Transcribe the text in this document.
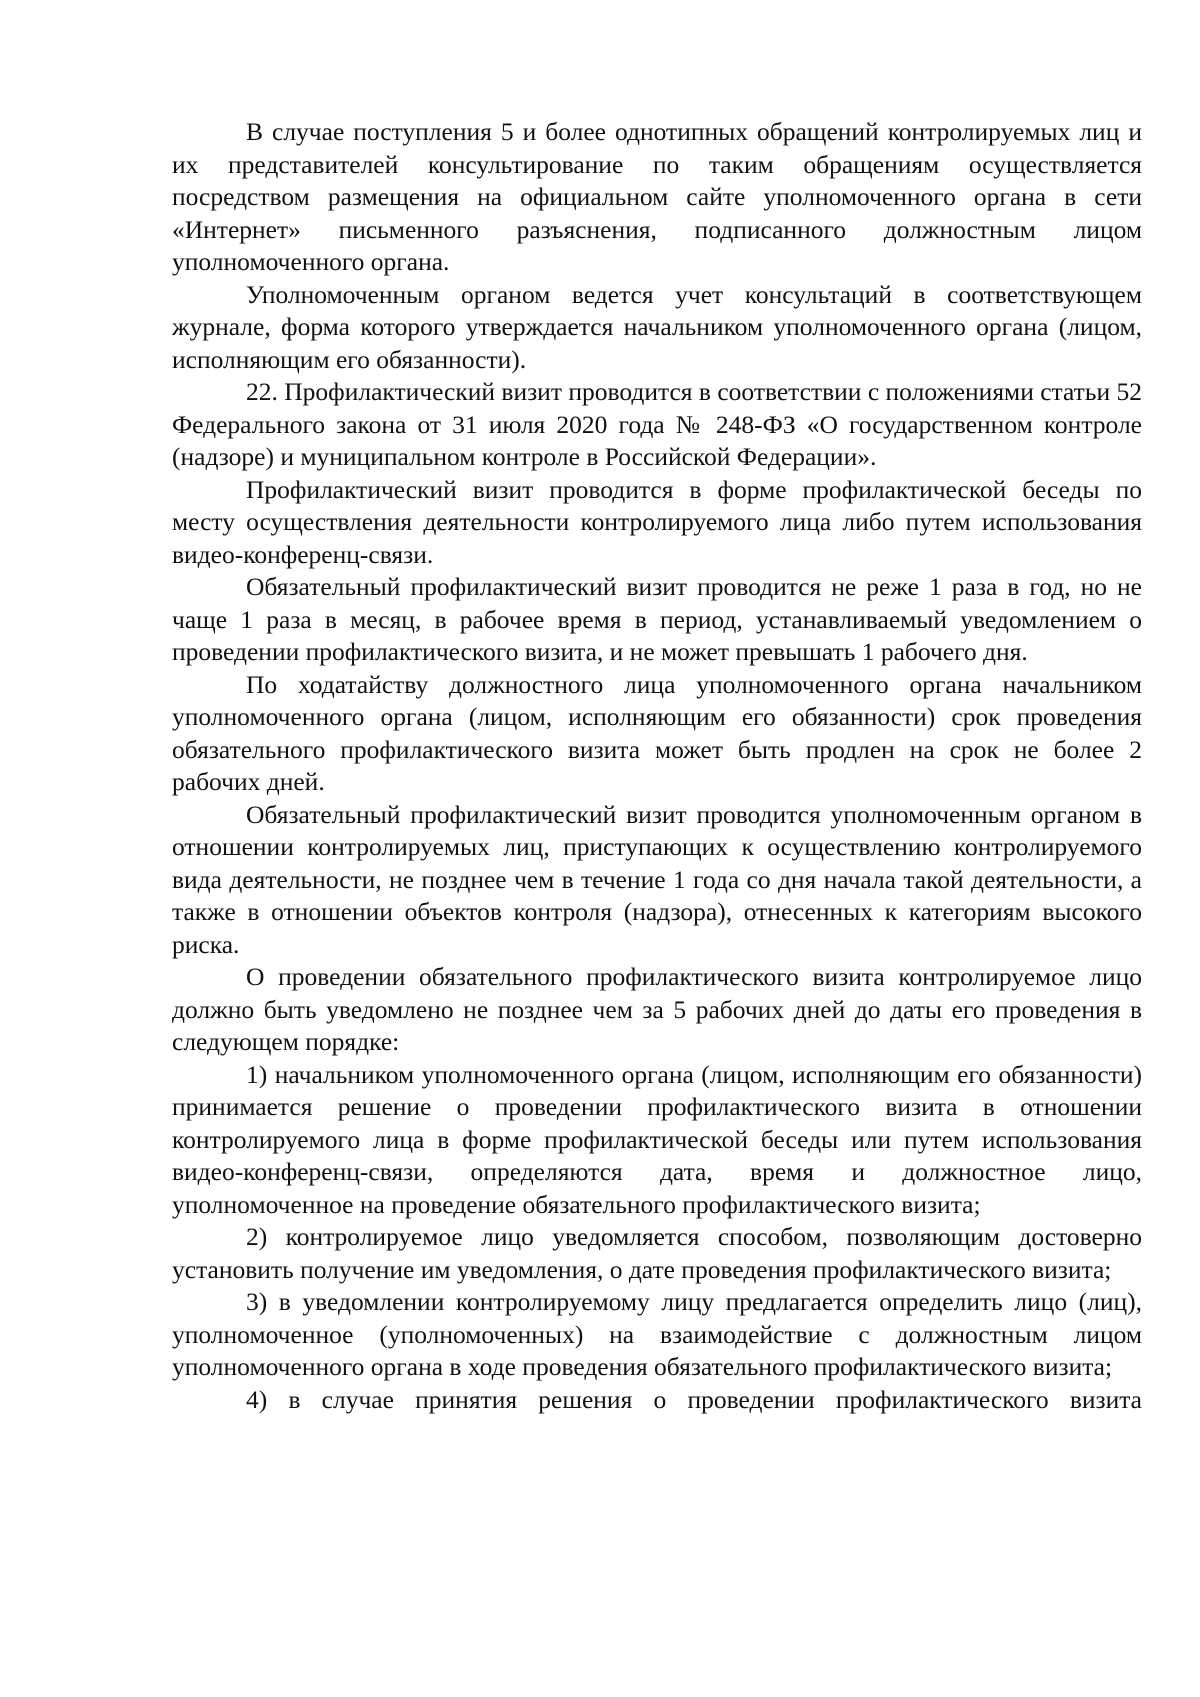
В случае поступления 5 и более однотипных обращений контролируемых лиц и их представителей консультирование по таким обращениям осуществляется посредством размещения на официальном сайте уполномоченного органа в сети «Интернет» письменного разъяснения, подписанного должностным лицом уполномоченного органа.

Уполномоченным органом ведется учет консультаций в соответствующем журнале, форма которого утверждается начальником уполномоченного органа (лицом, исполняющим его обязанности).

22. Профилактический визит проводится в соответствии с положениями статьи 52 Федерального закона от 31 июля 2020 года № 248-ФЗ «О государственном контроле (надзоре) и муниципальном контроле в Российской Федерации».

Профилактический визит проводится в форме профилактической беседы по месту осуществления деятельности контролируемого лица либо путем использования видео-конференц-связи.

Обязательный профилактический визит проводится не реже 1 раза в год, но не чаще 1 раза в месяц, в рабочее время в период, устанавливаемый уведомлением о проведении профилактического визита, и не может превышать 1 рабочего дня.

По ходатайству должностного лица уполномоченного органа начальником уполномоченного органа (лицом, исполняющим его обязанности) срок проведения обязательного профилактического визита может быть продлен на срок не более 2 рабочих дней.

Обязательный профилактический визит проводится уполномоченным органом в отношении контролируемых лиц, приступающих к осуществлению контролируемого вида деятельности, не позднее чем в течение 1 года со дня начала такой деятельности, а также в отношении объектов контроля (надзора), отнесенных к категориям высокого риска.

О проведении обязательного профилактического визита контролируемое лицо должно быть уведомлено не позднее чем за 5 рабочих дней до даты его проведения в следующем порядке:

1) начальником уполномоченного органа (лицом, исполняющим его обязанности) принимается решение о проведении профилактического визита в отношении контролируемого лица в форме профилактической беседы или путем использования видео-конференц-связи, определяются дата, время и должностное лицо, уполномоченное на проведение обязательного профилактического визита;

2) контролируемое лицо уведомляется способом, позволяющим достоверно установить получение им уведомления, о дате проведения профилактического визита;

3) в уведомлении контролируемому лицу предлагается определить лицо (лиц), уполномоченное (уполномоченных) на взаимодействие с должностным лицом уполномоченного органа в ходе проведения обязательного профилактического визита;

4) в случае принятия решения о проведении профилактического визита
